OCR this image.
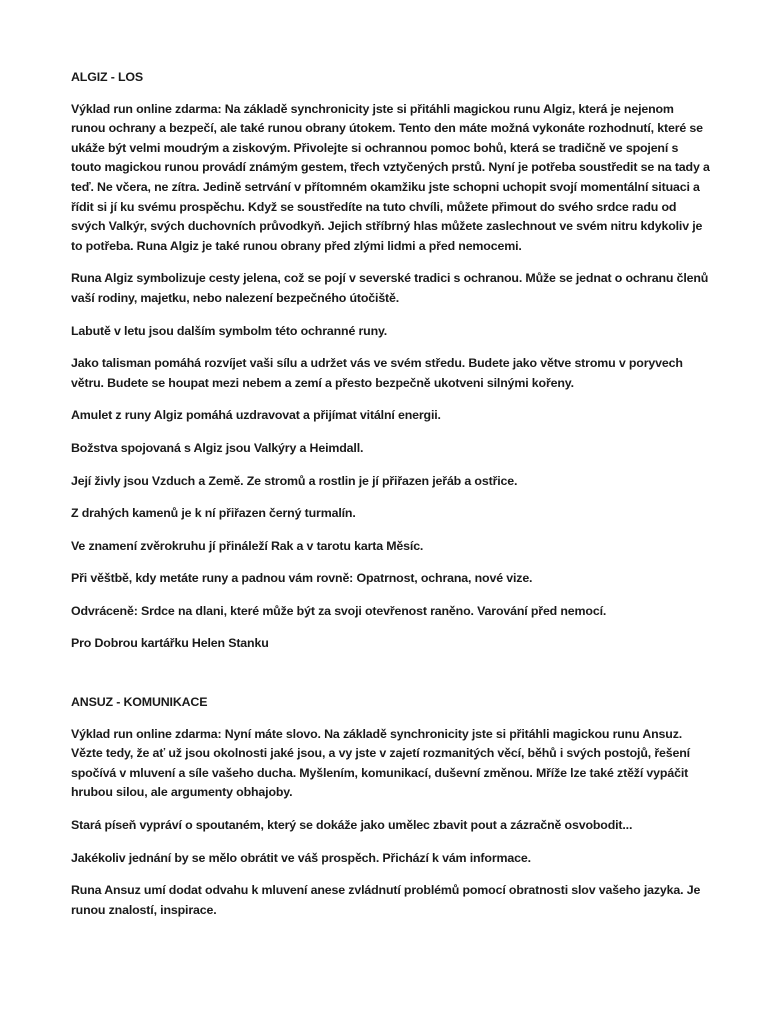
ALGIZ - LOS

Výklad run online zdarma: Na základě synchronicity jste si přitáhli magickou runu Algiz, která je nejenom runou ochrany a bezpečí, ale také runou obrany útokem. Tento den máte možná vykonáte rozhodnutí, které se ukáže být velmi moudrým a ziskovým. Přivolejte si ochrannou pomoc bohů, která se tradičně ve spojení s touto magickou runou provádí známým gestem, třech vztyčených prstů. Nyní je potřeba soustředit se na tady a teď. Ne včera, ne zítra. Jedině setrvání v přítomném okamžiku jste schopni uchopit svojí momentální situaci a řídit si jí ku svému prospěchu. Když se soustředíte na tuto chvíli, můžete přimout do svého srdce radu od svých Valkýr, svých duchovních průvodkyň. Jejich stříbrný hlas můžete zaslechnout ve svém nitru kdykoliv je to potřeba. Runa Algiz je také runou obrany před zlými lidmi a před nemocemi.

Runa Algiz symbolizuje cesty jelena, což se pojí v severské tradici s ochranou. Může se jednat o ochranu členů vaší rodiny, majetku, nebo nalezení bezpečného útočiště.

Labutě v letu jsou dalším symbolm této ochranné runy.

Jako talisman pomáhá rozvíjet vaši sílu a udržet vás ve svém středu. Budete jako větve stromu v poryvech větru. Budete se houpat mezi nebem a zemí a přesto bezpečně ukotveni silnými kořeny.

Amulet z runy Algiz pomáhá uzdravovat a přijímat vitální energii.

Božstva spojovaná s Algiz jsou Valkýry a Heimdall.

Její živly jsou Vzduch a Země. Ze stromů a rostlin je jí přiřazen jeřáb a ostřice.

Z drahých kamenů je k ní přiřazen černý turmalín.

Ve znamení zvěrokruhu jí přináleží Rak a v tarotu karta Měsíc.

Při věštbě, kdy metáte runy a padnou vám rovně: Opatrnost, ochrana, nové vize.

Odvráceně: Srdce na dlani, které může být za svoji otevřenost raněno. Varování před nemocí.

Pro Dobrou kartářku Helen Stanku

ANSUZ - KOMUNIKACE

Výklad run online zdarma: Nyní máte slovo. Na základě synchronicity jste si přitáhli magickou runu Ansuz. Vězte tedy, že ať už jsou okolnosti jaké jsou, a vy jste v zajetí rozmanitých věcí, běhů i svých postojů, řešení spočívá v mluvení a síle vašeho ducha. Myšlením, komunikací, duševní změnou. Mříže lze také ztěží vypáčit hrubou silou, ale argumenty obhajoby.

Stará píseň vypráví o spoutaném, který se dokáže jako umělec zbavit pout a zázračně osvobodit...

Jakékoliv jednání by se mělo obrátit ve váš prospěch. Přichází k vám informace.

Runa Ansuz umí dodat odvahu k mluvení anese zvládnutí problémů pomocí obratnosti slov vašeho jazyka. Je runou znalostí, inspirace.
